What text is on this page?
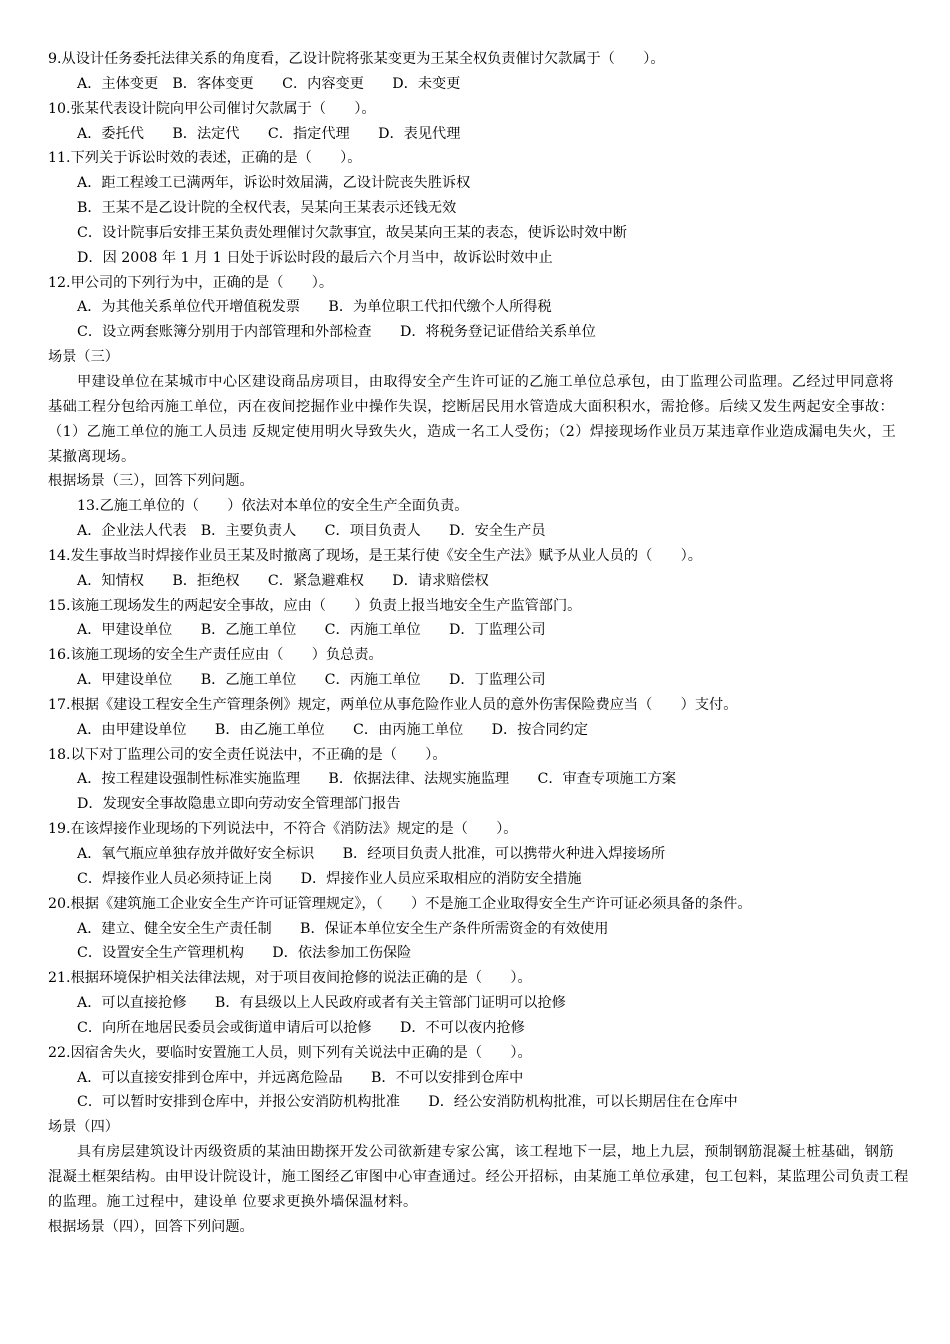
9.从设计任务委托法律关系的角度看，乙设计院将张某变更为王某全权负责催讨欠款属于（　　）。
A．主体变更　B．客体变更　　C．内容变更　　D．未变更
10.张某代表设计院向甲公司催讨欠款属于（　　）。
A．委托代　　B．法定代　　C．指定代理　　D．表见代理
11.下列关于诉讼时效的表述，正确的是（　　）。
A．距工程竣工已满两年，诉讼时效届满，乙设计院丧失胜诉权
B．王某不是乙设计院的全权代表，吴某向王某表示还钱无效
C．设计院事后安排王某负责处理催讨欠款事宜，故吴某向王某的表态，使诉讼时效中断
D．因 2008 年 1 月 1 日处于诉讼时段的最后六个月当中，故诉讼时效中止
12.甲公司的下列行为中，正确的是（　　）。
A．为其他关系单位代开增值税发票　　B．为单位职工代扣代缴个人所得税
C．设立两套账簿分别用于内部管理和外部检查　　D．将税务登记证借给关系单位
场景（三）
甲建设单位在某城市中心区建设商品房项目，由取得安全产生许可证的乙施工单位总承包，由丁监理公司监理。乙经过甲同意将 基础工程分包给丙施工单位，丙在夜间挖掘作业中操作失误，挖断居民用水管造成大面积积水，需抢修。后续又发生两起安全事故：（1）乙施工单位的施工人员违 反规定使用明火导致失火，造成一名工人受伤；（2）焊接现场作业员万某违章作业造成漏电失火，王某撤离现场。
根据场景（三），回答下列问题。
13.乙施工单位的（　　）依法对本单位的安全生产全面负责。
A．企业法人代表　B．主要负责人　　C．项目负责人　　D．安全生产员
14.发生事故当时焊接作业员王某及时撤离了现场，是王某行使《安全生产法》赋予从业人员的（　　）。
A．知情权　　B．拒绝权　　C．紧急避难权　　D．请求赔偿权
15.该施工现场发生的两起安全事故，应由（　　）负责上报当地安全生产监管部门。
A．甲建设单位　　B．乙施工单位　　C．丙施工单位　　D．丁监理公司
16.该施工现场的安全生产责任应由（　　）负总责。
A．甲建设单位　　B．乙施工单位　　C．丙施工单位　　D．丁监理公司
17.根据《建设工程安全生产管理条例》规定，两单位从事危险作业人员的意外伤害保险费应当（　　）支付。
A．由甲建设单位　　B．由乙施工单位　　C．由丙施工单位　　D．按合同约定
18.以下对丁监理公司的安全责任说法中，不正确的是（　　）。
A．按工程建设强制性标准实施监理　　B．依据法律、法规实施监理　　C．审查专项施工方案
D．发现安全事故隐患立即向劳动安全管理部门报告
19.在该焊接作业现场的下列说法中，不符合《消防法》规定的是（　　）。
A．氧气瓶应单独存放并做好安全标识　　B．经项目负责人批准，可以携带火种进入焊接场所
C．焊接作业人员必须持证上岗　　D．焊接作业人员应采取相应的消防安全措施
20.根据《建筑施工企业安全生产许可证管理规定》，（　　）不是施工企业取得安全生产许可证必须具备的条件。
A．建立、健全安全生产责任制　　B．保证本单位安全生产条件所需资金的有效使用
C．设置安全生产管理机构　　D．依法参加工伤保险
21.根据环境保护相关法律法规，对于项目夜间抢修的说法正确的是（　　）。
A．可以直接抢修　　B．有县级以上人民政府或者有关主管部门证明可以抢修
C．向所在地居民委员会或街道申请后可以抢修　　D．不可以夜内抢修
22.因宿舍失火，要临时安置施工人员，则下列有关说法中正确的是（　　）。
A．可以直接安排到仓库中，并远离危险品　　B．不可以安排到仓库中
C．可以暂时安排到仓库中，并报公安消防机构批准　　D．经公安消防机构批准，可以长期居住在仓库中
场景（四）
具有房层建筑设计丙级资质的某油田勘探开发公司欲新建专家公寓，该工程地下一层，地上九层，预制钢筋混凝土桩基础，钢筋 混凝土框架结构。由甲设计院设计，施工图经乙审图中心审查通过。经公开招标，由某施工单位承建，包工包料，某监理公司负责工程的监理。施工过程中，建设单 位要求更换外墙保温材料。
根据场景（四），回答下列问题。
